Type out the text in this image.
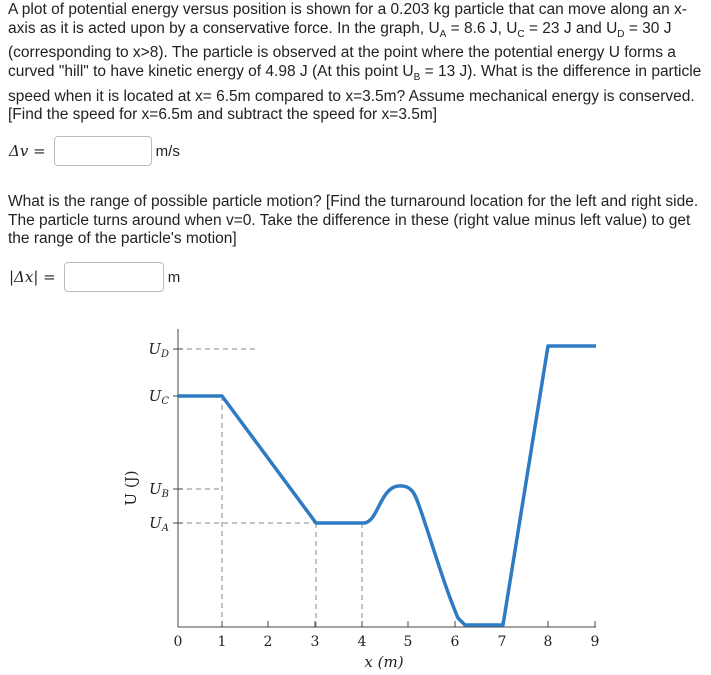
A plot of potential energy versus position is shown for a 0.203 kg particle that can move along an x-axis as it is acted upon by a conservative force. In the graph, $U_A = 8.6$ J, $U_C = 23$ J and $U_D = 30$ J (corresponding to x>8). The particle is observed at the point where the potential energy U forms a curved "hill" to have kinetic energy of 4.98 J (At this point $U_B = 13$ J). What is the difference in particle speed when it is located at x= 6.5m compared to x=3.5m? Assume mechanical energy is conserved. [Find the speed for x=6.5m and subtract the speed for x=3.5m]
Δv =	m/s
What is the range of possible particle motion? [Find the turnaround location for the left and right side. The particle turns around when v=0. Take the difference in these (right value minus left value) to get the range of the particle's motion]
|Δx| =	m
$U_D$
$U_C$
$U_B$
$U_A$
U (J)
0	1	2	3	4	5	6	7	8	9
x (m)
